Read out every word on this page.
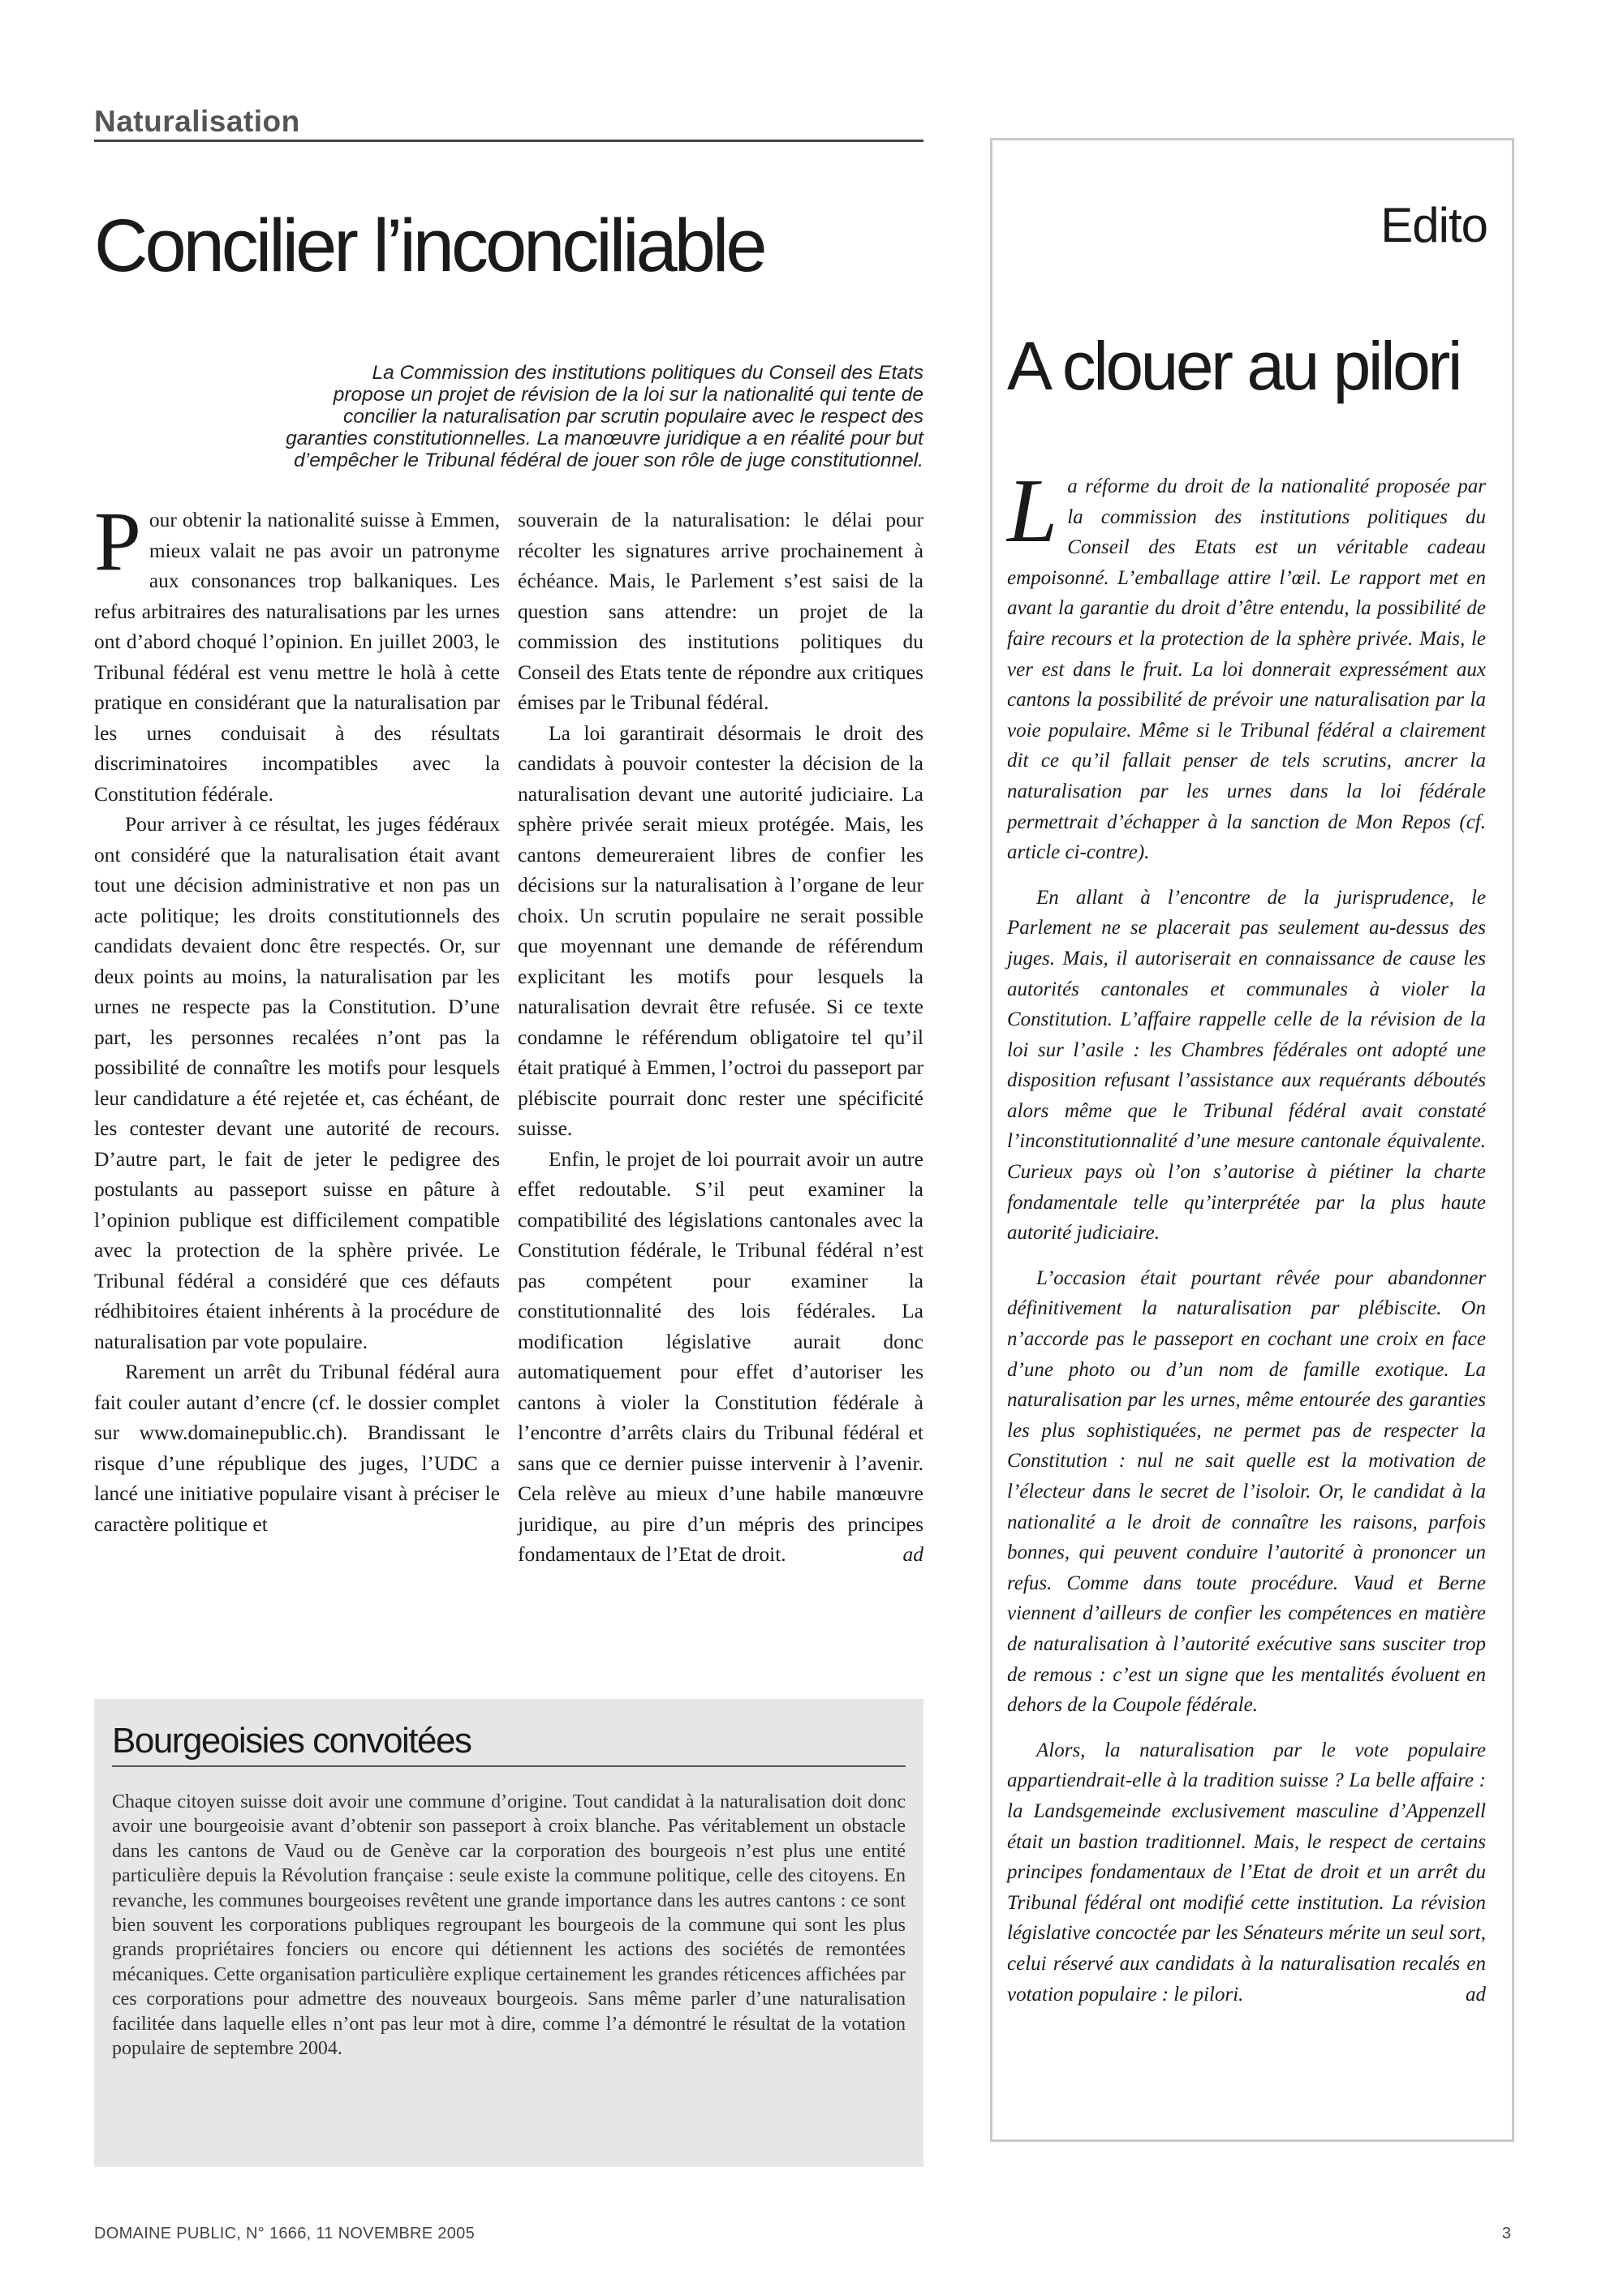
Naturalisation
Concilier l’inconciliable

La Commission des institutions politiques du Conseil des Etats

propose un projet de révision de la loi sur la nationalité qui tente de

concilier la naturalisation par scrutin populaire avec le respect des

garanties constitutionnelles. La manœuvre juridique a en réalité pour but

d’empêcher le Tribunal fédéral de jouer son rôle de juge constitutionnel.

Pour obtenir la nationalité suisse à Emmen, mieux valait ne pas avoir un patronyme aux consonances trop balkaniques. Les refus arbitraires des naturalisations par les urnes ont d’abord choqué l’opinion. En juillet 2003, le Tribunal fédéral est venu mettre le holà à cette pratique en considérant que la naturalisation par les urnes conduisait à des résultats discriminatoires incompatibles avec la Constitution fédérale.

Pour arriver à ce résultat, les juges fédéraux ont considéré que la naturalisation était avant tout une décision administrative et non pas un acte politique; les droits constitutionnels des candidats devaient donc être respectés. Or, sur deux points au moins, la naturalisation par les urnes ne respecte pas la Constitution. D’une part, les personnes recalées n’ont pas la possibilité de connaître les motifs pour lesquels leur candidature a été rejetée et, cas échéant, de les contester devant une autorité de recours. D’autre part, le fait de jeter le pedigree des postulants au passeport suisse en pâture à l’opinion publique est difficilement compatible avec la protection de la sphère privée. Le Tribunal fédéral a considéré que ces défauts rédhibitoires étaient inhérents à la procédure de naturalisation par vote populaire.

Rarement un arrêt du Tribunal fédéral aura fait couler autant d’encre (cf. le dossier complet sur www.domainepublic.ch). Brandissant le risque d’une république des juges, l’UDC a lancé une initiative populaire visant à préciser le caractère politique et

souverain de la naturalisation: le délai pour récolter les signatures arrive prochainement à échéance. Mais, le Parlement s’est saisi de la question sans attendre: un projet de la commission des institutions politiques du Conseil des Etats tente de répondre aux critiques émises par le Tribunal fédéral.

La loi garantirait désormais le droit des candidats à pouvoir contester la décision de la naturalisation devant une autorité judiciaire. La sphère privée serait mieux protégée. Mais, les cantons demeureraient libres de confier les décisions sur la naturalisation à l’organe de leur choix. Un scrutin populaire ne serait possible que moyennant une demande de référendum explicitant les motifs pour lesquels la naturalisation devrait être refusée. Si ce texte condamne le référendum obligatoire tel qu’il était pratiqué à Emmen, l’octroi du passeport par plébiscite pourrait donc rester une spécificité suisse.

Enfin, le projet de loi pourrait avoir un autre effet redoutable. S’il peut examiner la compatibilité des législations cantonales avec la Constitution fédérale, le Tribunal fédéral n’est pas compétent pour examiner la constitutionnalité des lois fédérales. La modification législative aurait donc automatiquement pour effet d’autoriser les cantons à violer la Constitution fédérale à l’encontre d’arrêts clairs du Tribunal fédéral et sans que ce dernier puisse intervenir à l’avenir. Cela relève au mieux d’une habile manœuvre juridique, au pire d’un mépris des principes fondamentaux de l’Etat de droit.	ad

Bourgeoisies convoitées
Chaque citoyen suisse doit avoir une commune d’origine. Tout candidat à la naturalisation doit donc avoir une bourgeoisie avant d’obtenir son passeport à croix blanche. Pas véritablement un obstacle dans les cantons de Vaud ou de Genève car la corporation des bourgeois n’est plus une entité particulière depuis la Révolution française : seule existe la commune politique, celle des citoyens. En revanche, les communes bourgeoises revêtent une grande importance dans les autres cantons : ce sont bien souvent les corporations publiques regroupant les bourgeois de la commune qui sont les plus grands propriétaires fonciers ou encore qui détiennent les actions des sociétés de remontées mécaniques. Cette organisation particulière explique certainement les grandes réticences affichées par ces corporations pour admettre des nouveaux bourgeois. Sans même parler d’une naturalisation facilitée dans laquelle elles n’ont pas leur mot à dire, comme l’a démontré le résultat de la votation populaire de septembre 2004.
Edito
A clouer au pilori

La réforme du droit de la nationalité proposée par la commission des institutions politiques du Conseil des Etats est un véritable cadeau empoisonné. L’emballage attire l’œil. Le rapport met en avant la garantie du droit d’être entendu, la possibilité de faire recours et la protection de la sphère privée. Mais, le ver est dans le fruit. La loi donnerait expressément aux cantons la possibilité de prévoir une naturalisation par la voie populaire. Même si le Tribunal fédéral a clairement dit ce qu’il fallait penser de tels scrutins, ancrer la naturalisation par les urnes dans la loi fédérale permettrait d’échapper à la sanction de Mon Repos (cf. article ci-contre).

En allant à l’encontre de la jurisprudence, le Parlement ne se placerait pas seulement au-dessus des juges. Mais, il autoriserait en connaissance de cause les autorités cantonales et communales à violer la Constitution. L’affaire rappelle celle de la révision de la loi sur l’asile : les Chambres fédérales ont adopté une disposition refusant l’assistance aux requérants déboutés alors même que le Tribunal fédéral avait constaté l’inconstitutionnalité d’une mesure cantonale équivalente. Curieux pays où l’on s’autorise à piétiner la charte fondamentale telle qu’interprétée par la plus haute autorité judiciaire.

L’occasion était pourtant rêvée pour abandonner définitivement la naturalisation par plébiscite. On n’accorde pas le passeport en cochant une croix en face d’une photo ou d’un nom de famille exotique. La naturalisation par les urnes, même entourée des garanties les plus sophistiquées, ne permet pas de respecter la Constitution : nul ne sait quelle est la motivation de l’électeur dans le secret de l’isoloir. Or, le candidat à la nationalité a le droit de connaître les raisons, parfois bonnes, qui peuvent conduire l’autorité à prononcer un refus. Comme dans toute procédure. Vaud et Berne viennent d’ailleurs de confier les compétences en matière de naturalisation à l’autorité exécutive sans susciter trop de remous : c’est un signe que les mentalités évoluent en dehors de la Coupole fédérale.

Alors, la naturalisation par le vote populaire appartiendrait-elle à la tradition suisse ? La belle affaire : la Landsgemeinde exclusivement masculine d’Appenzell était un bastion traditionnel. Mais, le respect de certains principes fondamentaux de l’Etat de droit et un arrêt du Tribunal fédéral ont modifié cette institution. La révision législative concoctée par les Sénateurs mérite un seul sort, celui réservé aux candidats à la naturalisation recalés en votation populaire : le pilori.	ad

DOMAINE PUBLIC, N° 1666, 11 NOVEMBRE 2005	3
